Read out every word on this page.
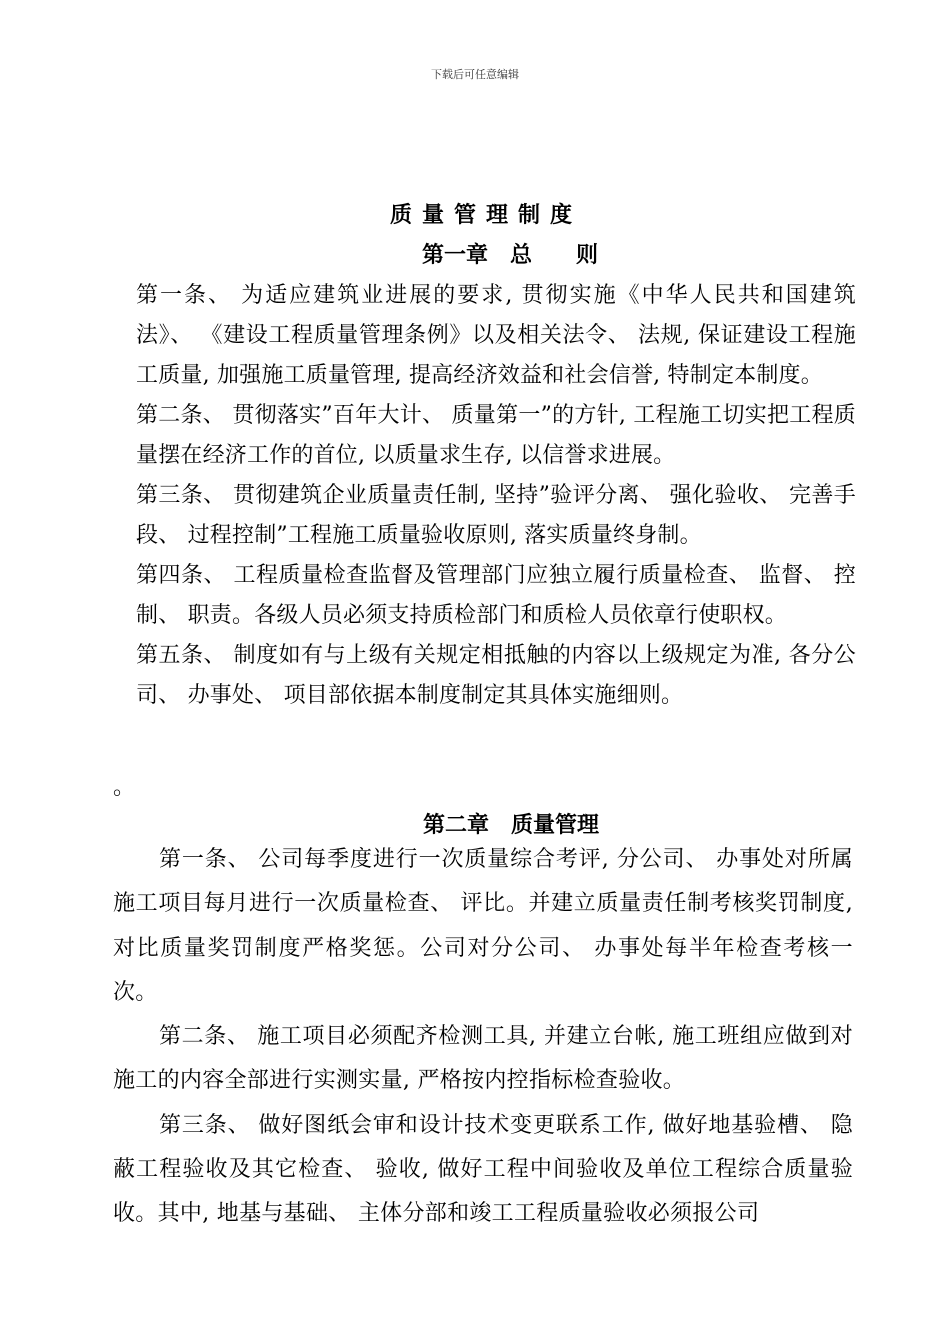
下载后可任意编辑
质量管理制度
第一章　总　　则

第一条、 为适应建筑业进展的要求, 贯彻实施《中华人民共和国建筑法》、 《建设工程质量管理条例》以及相关法令、 法规, 保证建设工程施工质量, 加强施工质量管理, 提高经济效益和社会信誉, 特制定本制度。

第二条、 贯彻落实”百年大计、 质量第一”的方针, 工程施工切实把工程质量摆在经济工作的首位, 以质量求生存, 以信誉求进展。

第三条、 贯彻建筑企业质量责任制, 坚持”验评分离、 强化验收、 完善手段、 过程控制”工程施工质量验收原则, 落实质量终身制。

第四条、 工程质量检查监督及管理部门应独立履行质量检查、 监督、 控制、 职责。各级人员必须支持质检部门和质检人员依章行使职权。

第五条、 制度如有与上级有关规定相抵触的内容以上级规定为准, 各分公司、 办事处、 项目部依据本制度制定其具体实施细则。

。
第二章　质量管理

第一条、 公司每季度进行一次质量综合考评, 分公司、 办事处对所属施工项目每月进行一次质量检查、 评比。并建立质量责任制考核奖罚制度, 对比质量奖罚制度严格奖惩。公司对分公司、 办事处每半年检查考核一次。

第二条、 施工项目必须配齐检测工具, 并建立台帐, 施工班组应做到对施工的内容全部进行实测实量, 严格按内控指标检查验收。

第三条、 做好图纸会审和设计技术变更联系工作, 做好地基验槽、 隐蔽工程验收及其它检查、 验收, 做好工程中间验收及单位工程综合质量验收。其中, 地基与基础、 主体分部和竣工工程质量验收必须报公司
